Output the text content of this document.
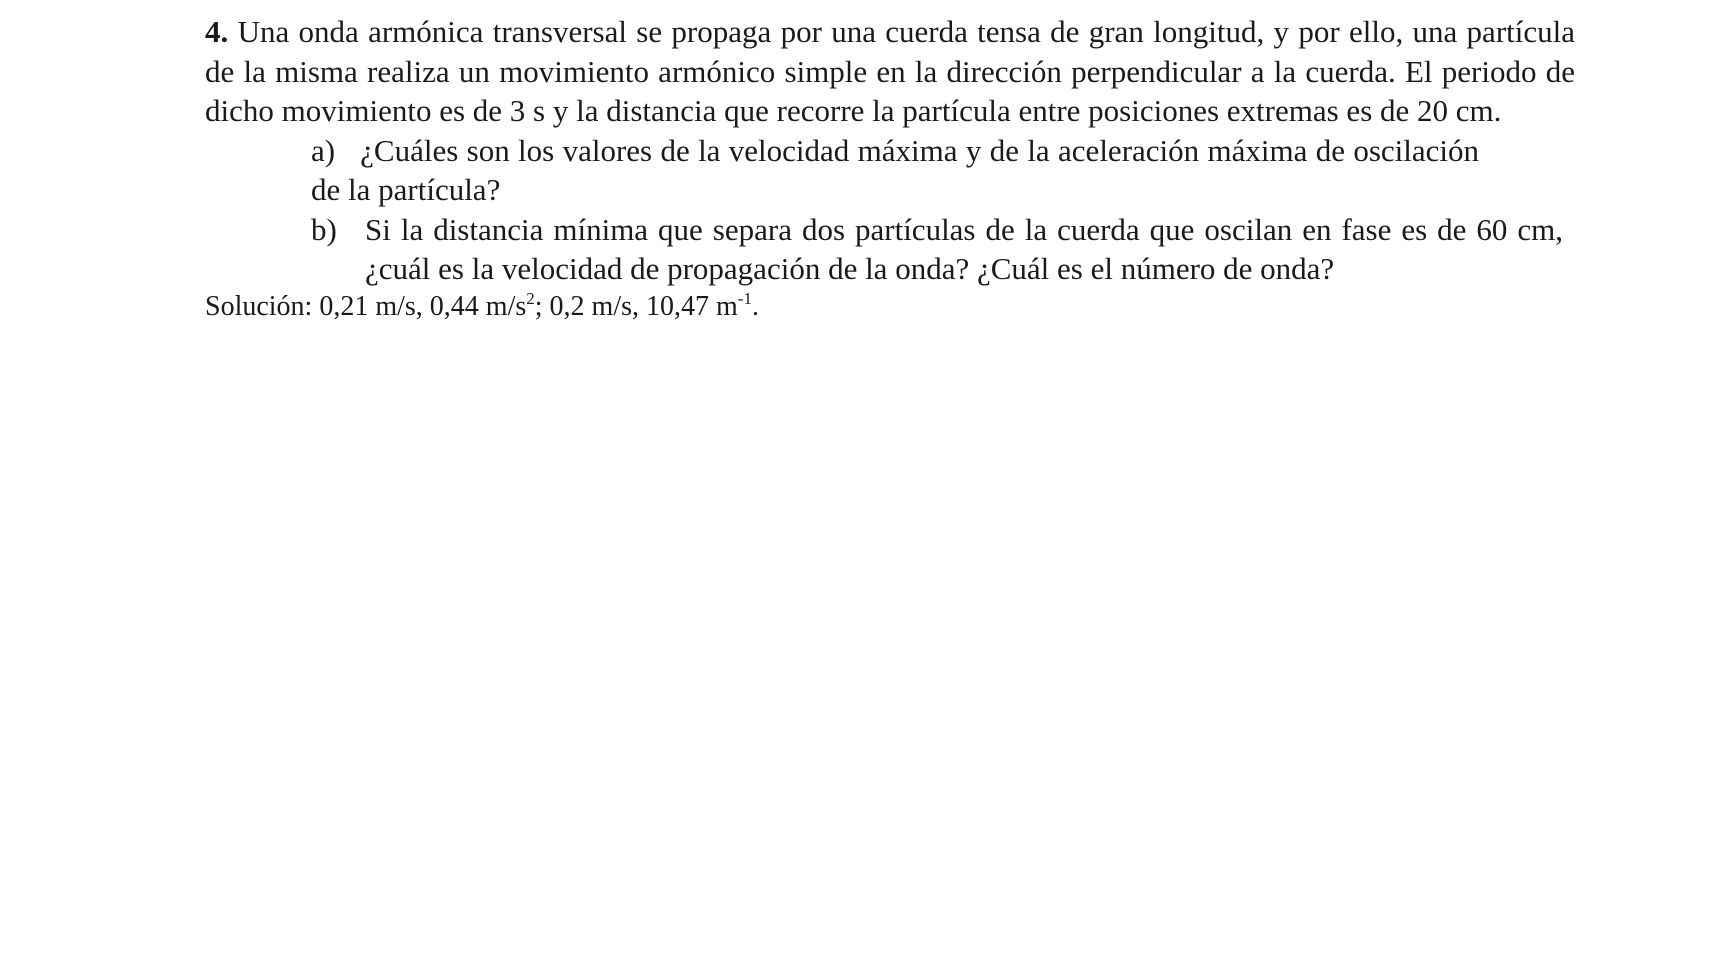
4. Una onda armónica transversal se propaga por una cuerda tensa de gran longitud, y por ello, una partícula de la misma realiza un movimiento armónico simple en la dirección perpendicular a la cuerda. El periodo de dicho movimiento es de 3 s y la distancia que recorre la partícula entre posiciones extremas es de 20 cm.

a) ¿Cuáles son los valores de la velocidad máxima y de la aceleración máxima de oscilación de la partícula?
b) Si la distancia mínima que separa dos partículas de la cuerda que oscilan en fase es de 60 cm, ¿cuál es la velocidad de propagación de la onda? ¿Cuál es el número de onda?

Solución: 0,21 m/s, 0,44 $m/s^2$; 0,2 m/s, 10,47 $m^{-1}$.
